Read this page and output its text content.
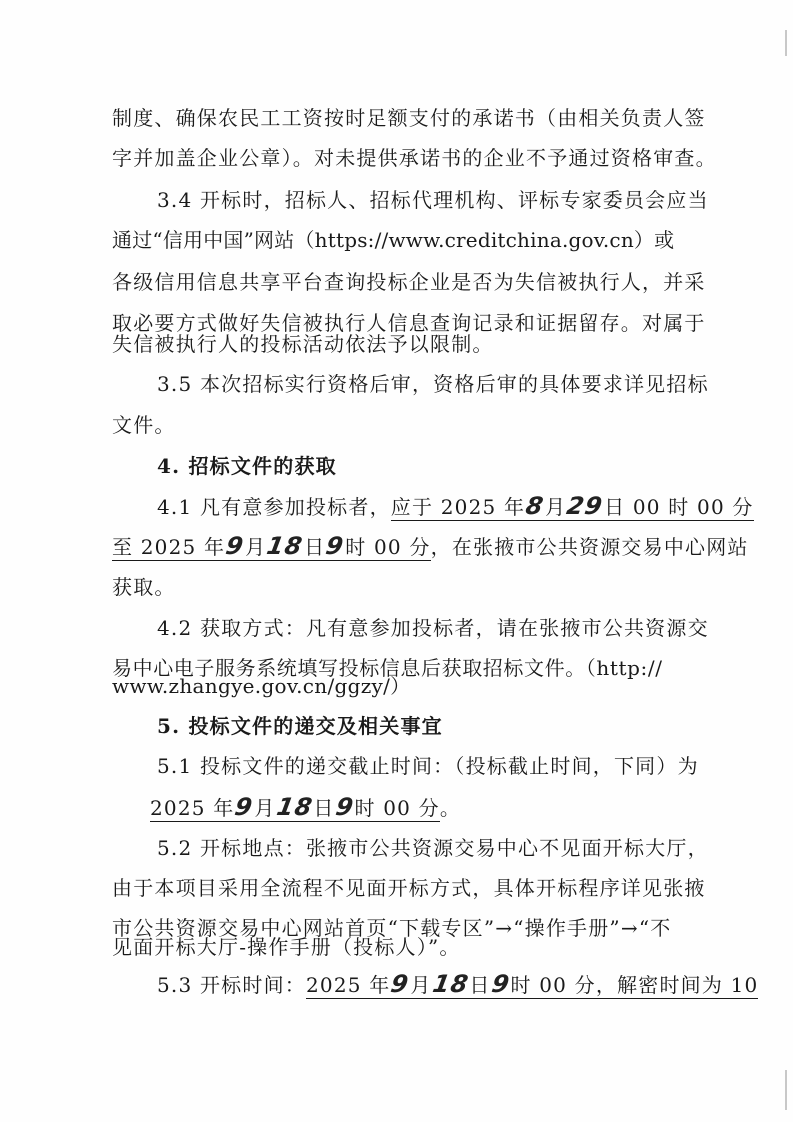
制度、确保农民工工资按时足额支付的承诺书（由相关负责人签
字并加盖企业公章）。对未提供承诺书的企业不予通过资格审查。
3.4 开标时，招标人、招标代理机构、评标专家委员会应当
通过“信用中国”网站（https://www.creditchina.gov.cn）或
各级信用信息共享平台查询投标企业是否为失信被执行人，并采
取必要方式做好失信被执行人信息查询记录和证据留存。对属于
失信被执行人的投标活动依法予以限制。
3.5 本次招标实行资格后审，资格后审的具体要求详见招标
文件。
4. 招标文件的获取
4.1 凡有意参加投标者，应于 2025 年8月29日 00 时 00 分
至 2025 年9月18日9时 00 分，在张掖市公共资源交易中心网站
获取。
4.2 获取方式：凡有意参加投标者，请在张掖市公共资源交
易中心电子服务系统填写投标信息后获取招标文件。（http://
www.zhangye.gov.cn/ggzy/）
5. 投标文件的递交及相关事宜
5.1 投标文件的递交截止时间：（投标截止时间，下同）为
2025 年9月18日9时 00 分。
5.2 开标地点：张掖市公共资源交易中心不见面开标大厅，
由于本项目采用全流程不见面开标方式，具体开标程序详见张掖
市公共资源交易中心网站首页“下载专区”→“操作手册”→“不
见面开标大厅-操作手册（投标人）”。
5.3 开标时间：2025 年9月18日9时 00 分，解密时间为 10
